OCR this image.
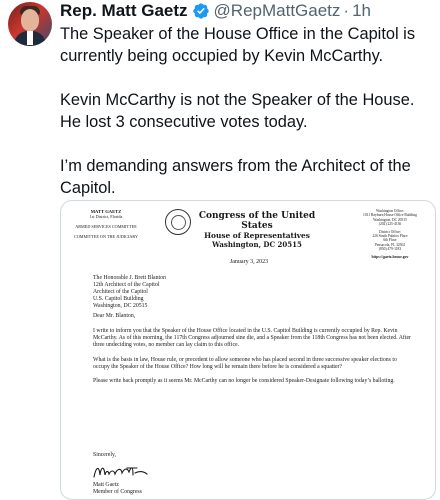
Rep. Matt Gaetz @RepMattGaetz · 1h

The Speaker of the House Office in the Capitol is currently being occupied by Kevin McCarthy.

Kevin McCarthy is not the Speaker of the House. He lost 3 consecutive votes today.

I’m demanding answers from the Architect of the Capitol.

MATT GAETZ
1st District, Florida
ARMED SERVICES COMMITTEE
COMMITTEE ON THE JUDICIARY
Congress of the United States
House of Representatives
Washington, DC 20515
Washington Office:
1011 Rayburn House Office Building
Washington, DC 20515
(202) 225-4136
District Office:
226 South Palafox Place
6th Floor
Pensacola, FL 32502
(850) 479-1183
https://gaetz.house.gov
January 3, 2023
The Honorable J. Brett Blanton
12th Architect of the Capitol
Architect of the Capitol
U.S. Capitol Building
Washington, DC 20515
Dear Mr. Blanton,

I write to inform you that the Speaker of the House Office located in the U.S. Capitol Building is currently occupied by Rep. Kevin McCarthy. As of this morning, the 117th Congress adjourned sine die, and a Speaker from the 118th Congress has not been elected. After three undeciding votes, no member can lay claim to this office.

What is the basis in law, House rule, or precedent to allow someone who has placed second in three successive speaker elections to occupy the Speaker of the House Office? How long will he remain there before he is considered a squatter?

Please write back promptly as it seems Mr. McCarthy can no longer be considered Speaker-Designate following today’s balloting.

Sincerely,
Matt Gaetz
Member of Congress
